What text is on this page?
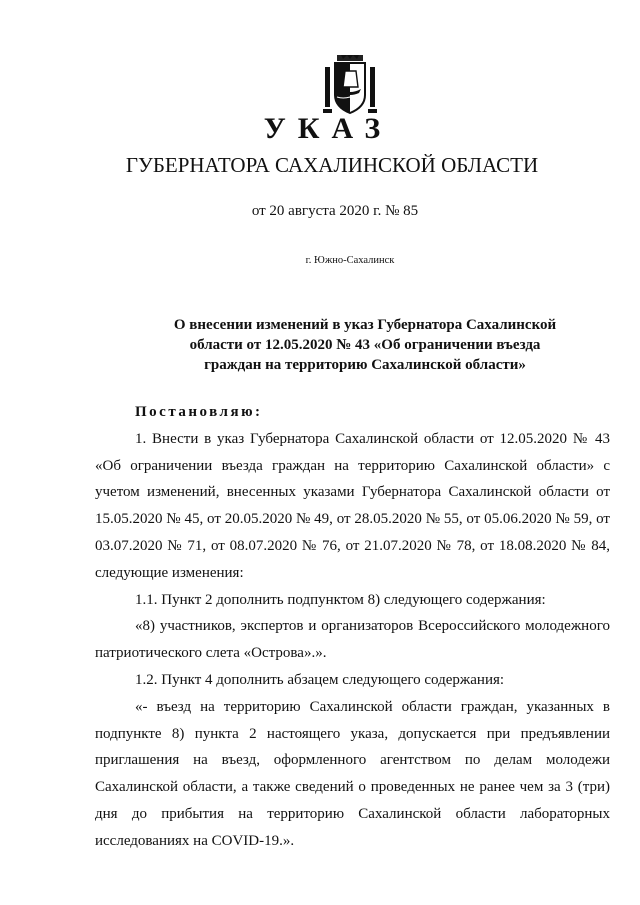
УКАЗ
ГУБЕРНАТОРА САХАЛИНСКОЙ ОБЛАСТИ
от 20 августа 2020 г. № 85
г. Южно-Сахалинск
О внесении изменений в указ Губернатора Сахалинской
области от 12.05.2020 № 43 «Об ограничении въезда
граждан на территорию Сахалинской области»

Постановляю:

1. Внести в указ Губернатора Сахалинской области от 12.05.2020 № 43 «Об ограничении въезда граждан на территорию Сахалинской области» с учетом изменений, внесенных указами Губернатора Сахалинской области от 15.05.2020 № 45, от 20.05.2020 № 49, от 28.05.2020 № 55, от 05.06.2020 № 59, от 03.07.2020 № 71, от 08.07.2020 № 76, от 21.07.2020 № 78, от 18.08.2020 № 84, следующие изменения:

1.1. Пункт 2 дополнить подпунктом 8) следующего содержания:

«8) участников, экспертов и организаторов Всероссийского молодежного патриотического слета «Острова».».

1.2. Пункт 4 дополнить абзацем следующего содержания:

«- въезд на территорию Сахалинской области граждан, указанных в подпункте 8) пункта 2 настоящего указа, допускается при предъявлении приглашения на въезд, оформленного агентством по делам молодежи Сахалинской области, а также сведений о проведенных не ранее чем за 3 (три) дня до прибытия на территорию Сахалинской области лабораторных исследованиях на COVID-19.».
